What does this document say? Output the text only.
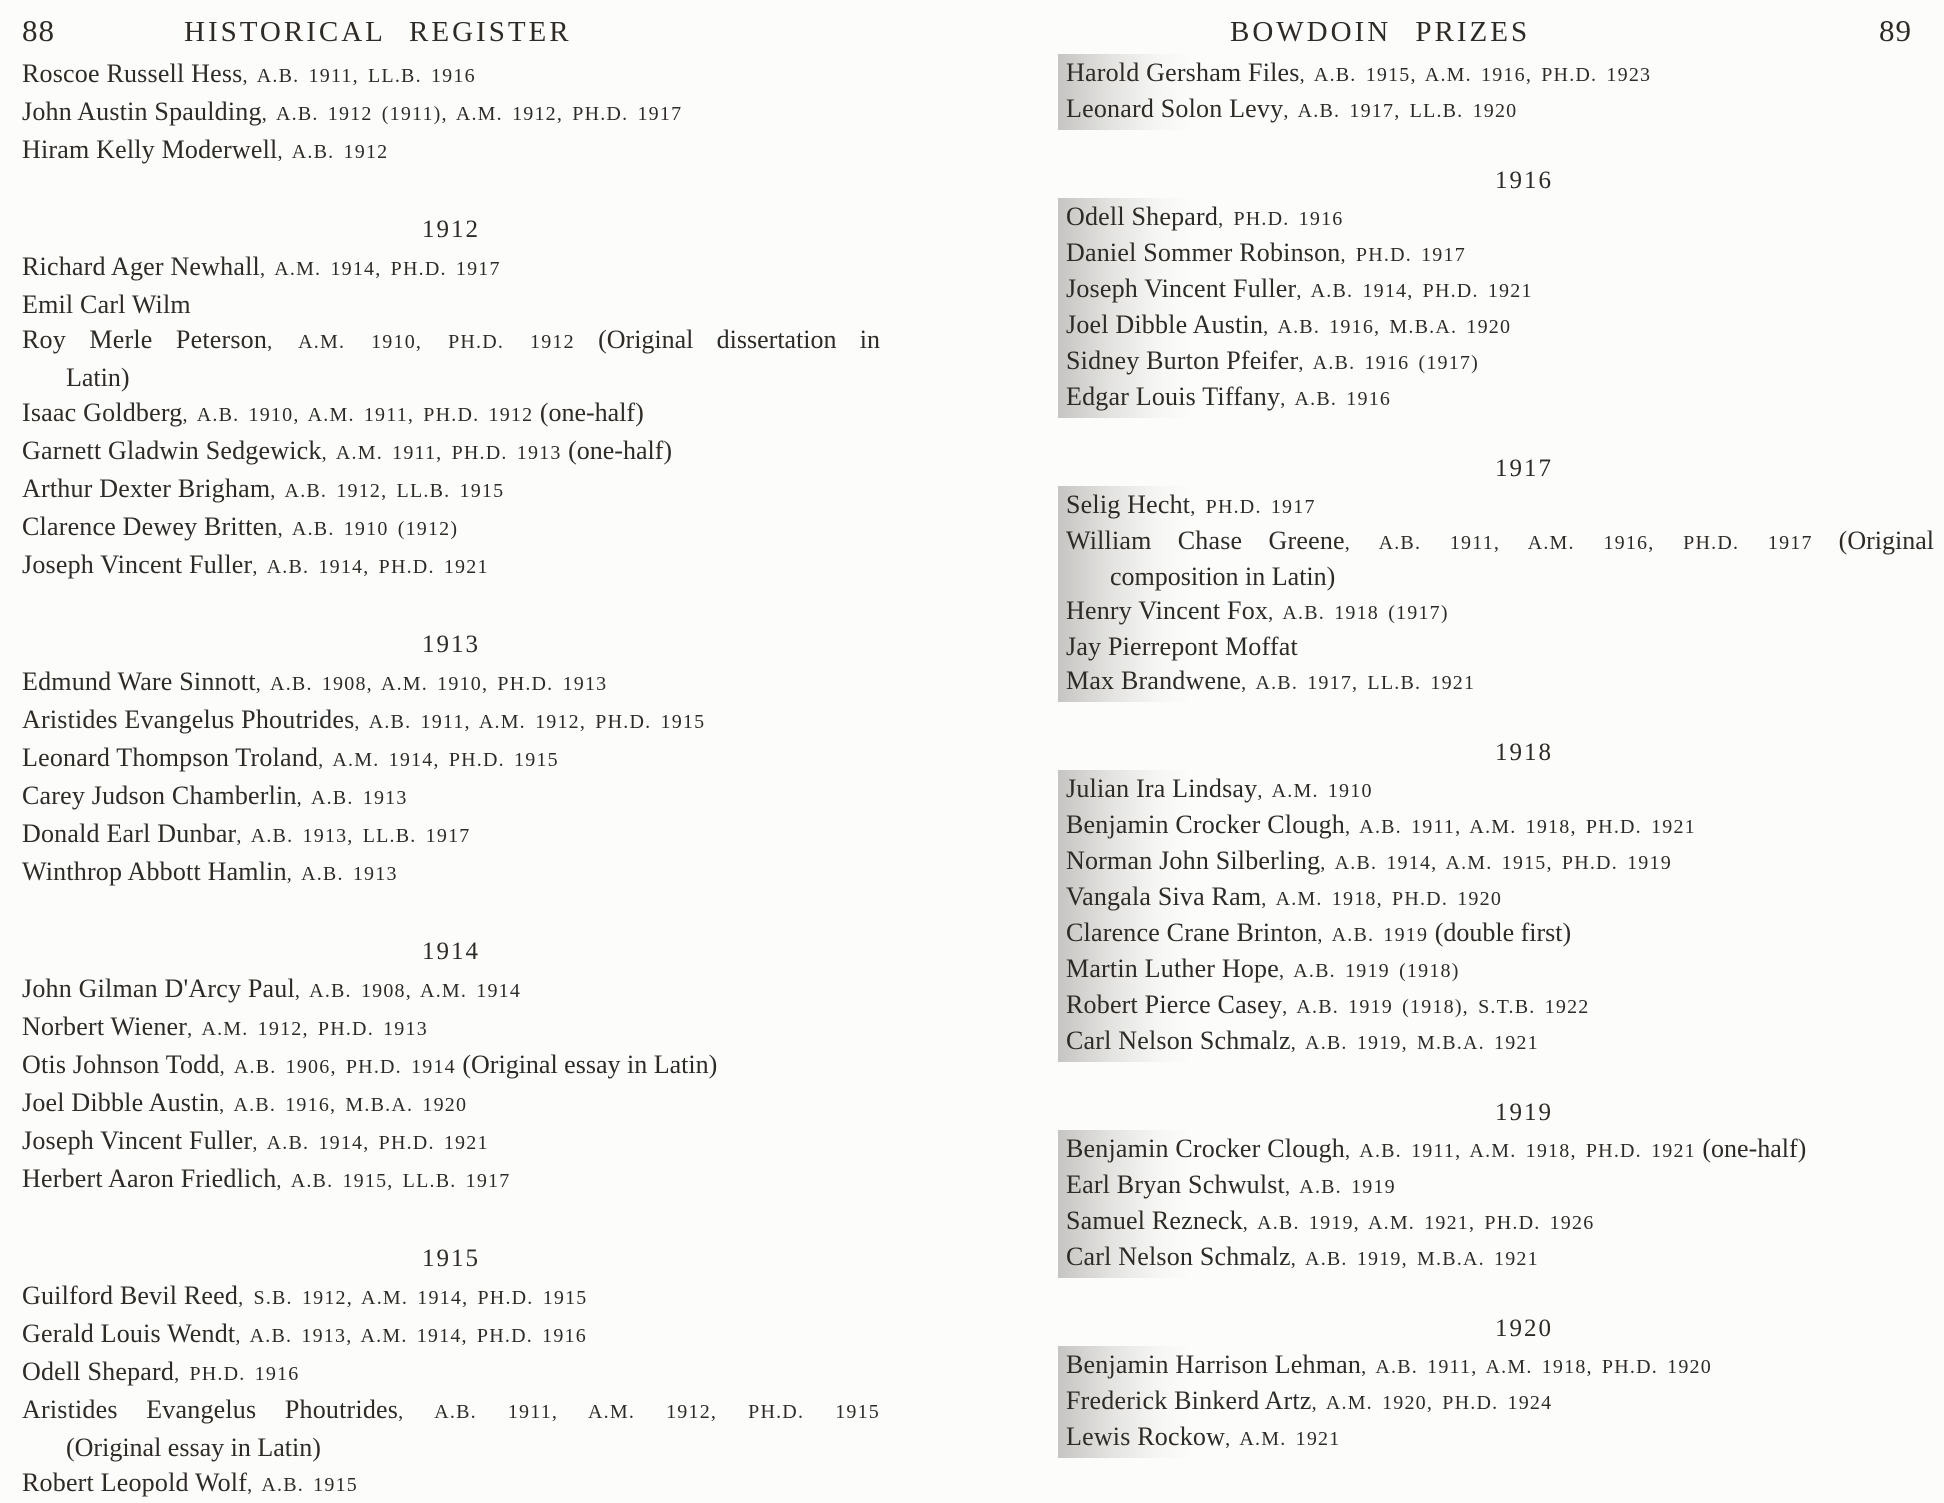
88	HISTORICAL REGISTER
Roscoe Russell Hess, A.B. 1911, LL.B. 1916
John Austin Spaulding, A.B. 1912 (1911), A.M. 1912, PH.D. 1917
Hiram Kelly Moderwell, A.B. 1912
1912
Richard Ager Newhall, A.M. 1914, PH.D. 1917
Emil Carl Wilm
Roy Merle Peterson, A.M. 1910, PH.D. 1912 (Original dissertation in
Latin)
Isaac Goldberg, A.B. 1910, A.M. 1911, PH.D. 1912 (one-half)
Garnett Gladwin Sedgewick, A.M. 1911, PH.D. 1913 (one-half)
Arthur Dexter Brigham, A.B. 1912, LL.B. 1915
Clarence Dewey Britten, A.B. 1910 (1912)
Joseph Vincent Fuller, A.B. 1914, PH.D. 1921
1913
Edmund Ware Sinnott, A.B. 1908, A.M. 1910, PH.D. 1913
Aristides Evangelus Phoutrides, A.B. 1911, A.M. 1912, PH.D. 1915
Leonard Thompson Troland, A.M. 1914, PH.D. 1915
Carey Judson Chamberlin, A.B. 1913
Donald Earl Dunbar, A.B. 1913, LL.B. 1917
Winthrop Abbott Hamlin, A.B. 1913
1914
John Gilman D'Arcy Paul, A.B. 1908, A.M. 1914
Norbert Wiener, A.M. 1912, PH.D. 1913
Otis Johnson Todd, A.B. 1906, PH.D. 1914 (Original essay in Latin)
Joel Dibble Austin, A.B. 1916, M.B.A. 1920
Joseph Vincent Fuller, A.B. 1914, PH.D. 1921
Herbert Aaron Friedlich, A.B. 1915, LL.B. 1917
1915
Guilford Bevil Reed, S.B. 1912, A.M. 1914, PH.D. 1915
Gerald Louis Wendt, A.B. 1913, A.M. 1914, PH.D. 1916
Odell Shepard, PH.D. 1916
Aristides Evangelus Phoutrides, A.B. 1911, A.M. 1912, PH.D. 1915
(Original essay in Latin)
Robert Leopold Wolf, A.B. 1915
BOWDOIN PRIZES	89
Harold Gersham Files, A.B. 1915, A.M. 1916, PH.D. 1923
Leonard Solon Levy, A.B. 1917, LL.B. 1920
1916
Odell Shepard, PH.D. 1916
Daniel Sommer Robinson, PH.D. 1917
Joseph Vincent Fuller, A.B. 1914, PH.D. 1921
Joel Dibble Austin, A.B. 1916, M.B.A. 1920
Sidney Burton Pfeifer, A.B. 1916 (1917)
Edgar Louis Tiffany, A.B. 1916
1917
Selig Hecht, PH.D. 1917
William Chase Greene, A.B. 1911, A.M. 1916, PH.D. 1917 (Original
composition in Latin)
Henry Vincent Fox, A.B. 1918 (1917)
Jay Pierrepont Moffat
Max Brandwene, A.B. 1917, LL.B. 1921
1918
Julian Ira Lindsay, A.M. 1910
Benjamin Crocker Clough, A.B. 1911, A.M. 1918, PH.D. 1921
Norman John Silberling, A.B. 1914, A.M. 1915, PH.D. 1919
Vangala Siva Ram, A.M. 1918, PH.D. 1920
Clarence Crane Brinton, A.B. 1919 (double first)
Martin Luther Hope, A.B. 1919 (1918)
Robert Pierce Casey, A.B. 1919 (1918), S.T.B. 1922
Carl Nelson Schmalz, A.B. 1919, M.B.A. 1921
1919
Benjamin Crocker Clough, A.B. 1911, A.M. 1918, PH.D. 1921 (one-half)
Earl Bryan Schwulst, A.B. 1919
Samuel Rezneck, A.B. 1919, A.M. 1921, PH.D. 1926
Carl Nelson Schmalz, A.B. 1919, M.B.A. 1921
1920
Benjamin Harrison Lehman, A.B. 1911, A.M. 1918, PH.D. 1920
Frederick Binkerd Artz, A.M. 1920, PH.D. 1924
Lewis Rockow, A.M. 1921
